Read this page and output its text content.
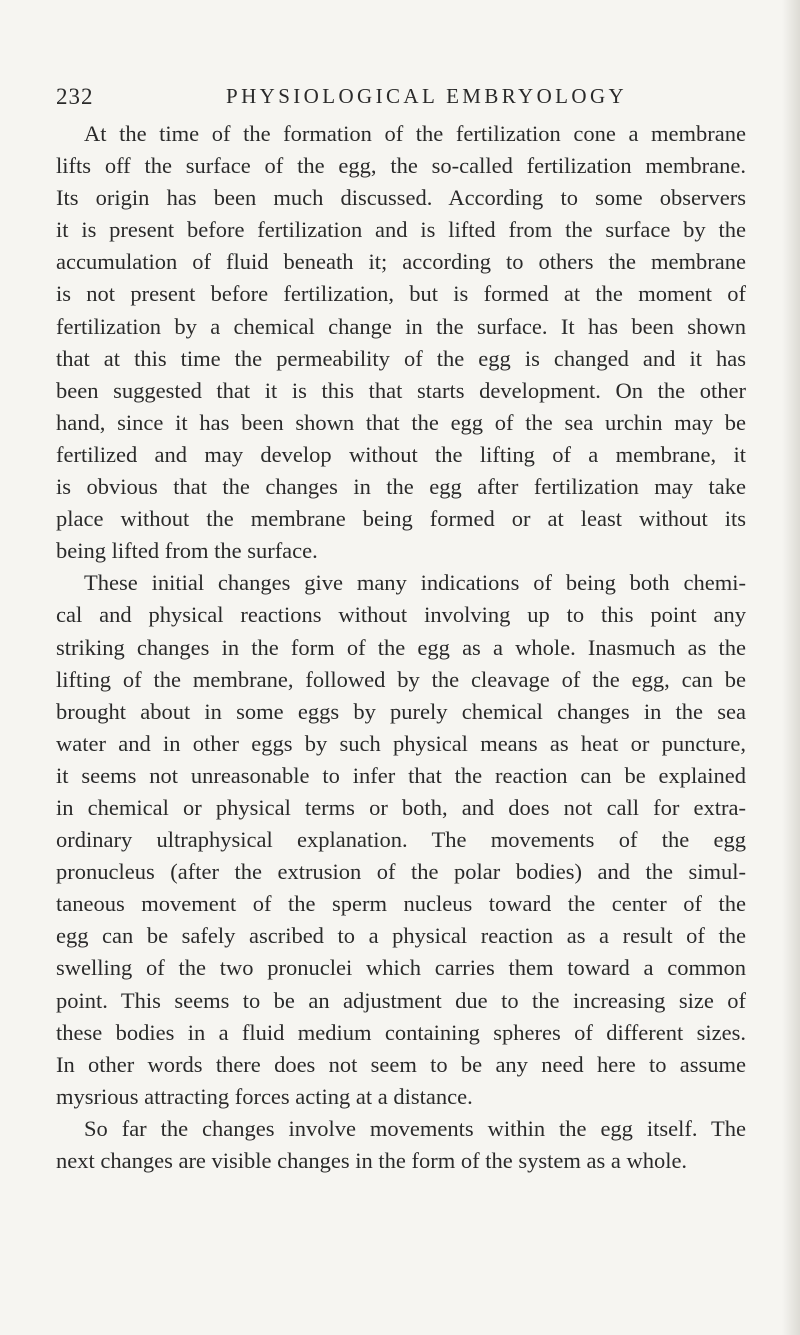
232	PHYSIOLOGICAL EMBRYOLOGY
At the time of the formation of the fertilization cone a membrane
lifts off the surface of the egg, the so-called fertilization membrane.
Its origin has been much discussed. According to some observers
it is present before fertilization and is lifted from the surface by the
accumulation of fluid beneath it; according to others the membrane
is not present before fertilization, but is formed at the moment of
fertilization by a chemical change in the surface. It has been shown
that at this time the permeability of the egg is changed and it has
been suggested that it is this that starts development. On the other
hand, since it has been shown that the egg of the sea urchin may be
fertilized and may develop without the lifting of a membrane, it
is obvious that the changes in the egg after fertilization may take
place without the membrane being formed or at least without its
being lifted from the surface.
These initial changes give many indications of being both chemi-
cal and physical reactions without involving up to this point any
striking changes in the form of the egg as a whole. Inasmuch as the
lifting of the membrane, followed by the cleavage of the egg, can be
brought about in some eggs by purely chemical changes in the sea
water and in other eggs by such physical means as heat or puncture,
it seems not unreasonable to infer that the reaction can be explained
in chemical or physical terms or both, and does not call for extra-
ordinary ultraphysical explanation. The movements of the egg
pronucleus (after the extrusion of the polar bodies) and the simul-
taneous movement of the sperm nucleus toward the center of the
egg can be safely ascribed to a physical reaction as a result of the
swelling of the two pronuclei which carries them toward a common
point. This seems to be an adjustment due to the increasing size of
these bodies in a fluid medium containing spheres of different sizes.
In other words there does not seem to be any need here to assume
mysrious attracting forces acting at a distance.
So far the changes involve movements within the egg itself. The
next changes are visible changes in the form of the system as a whole.
